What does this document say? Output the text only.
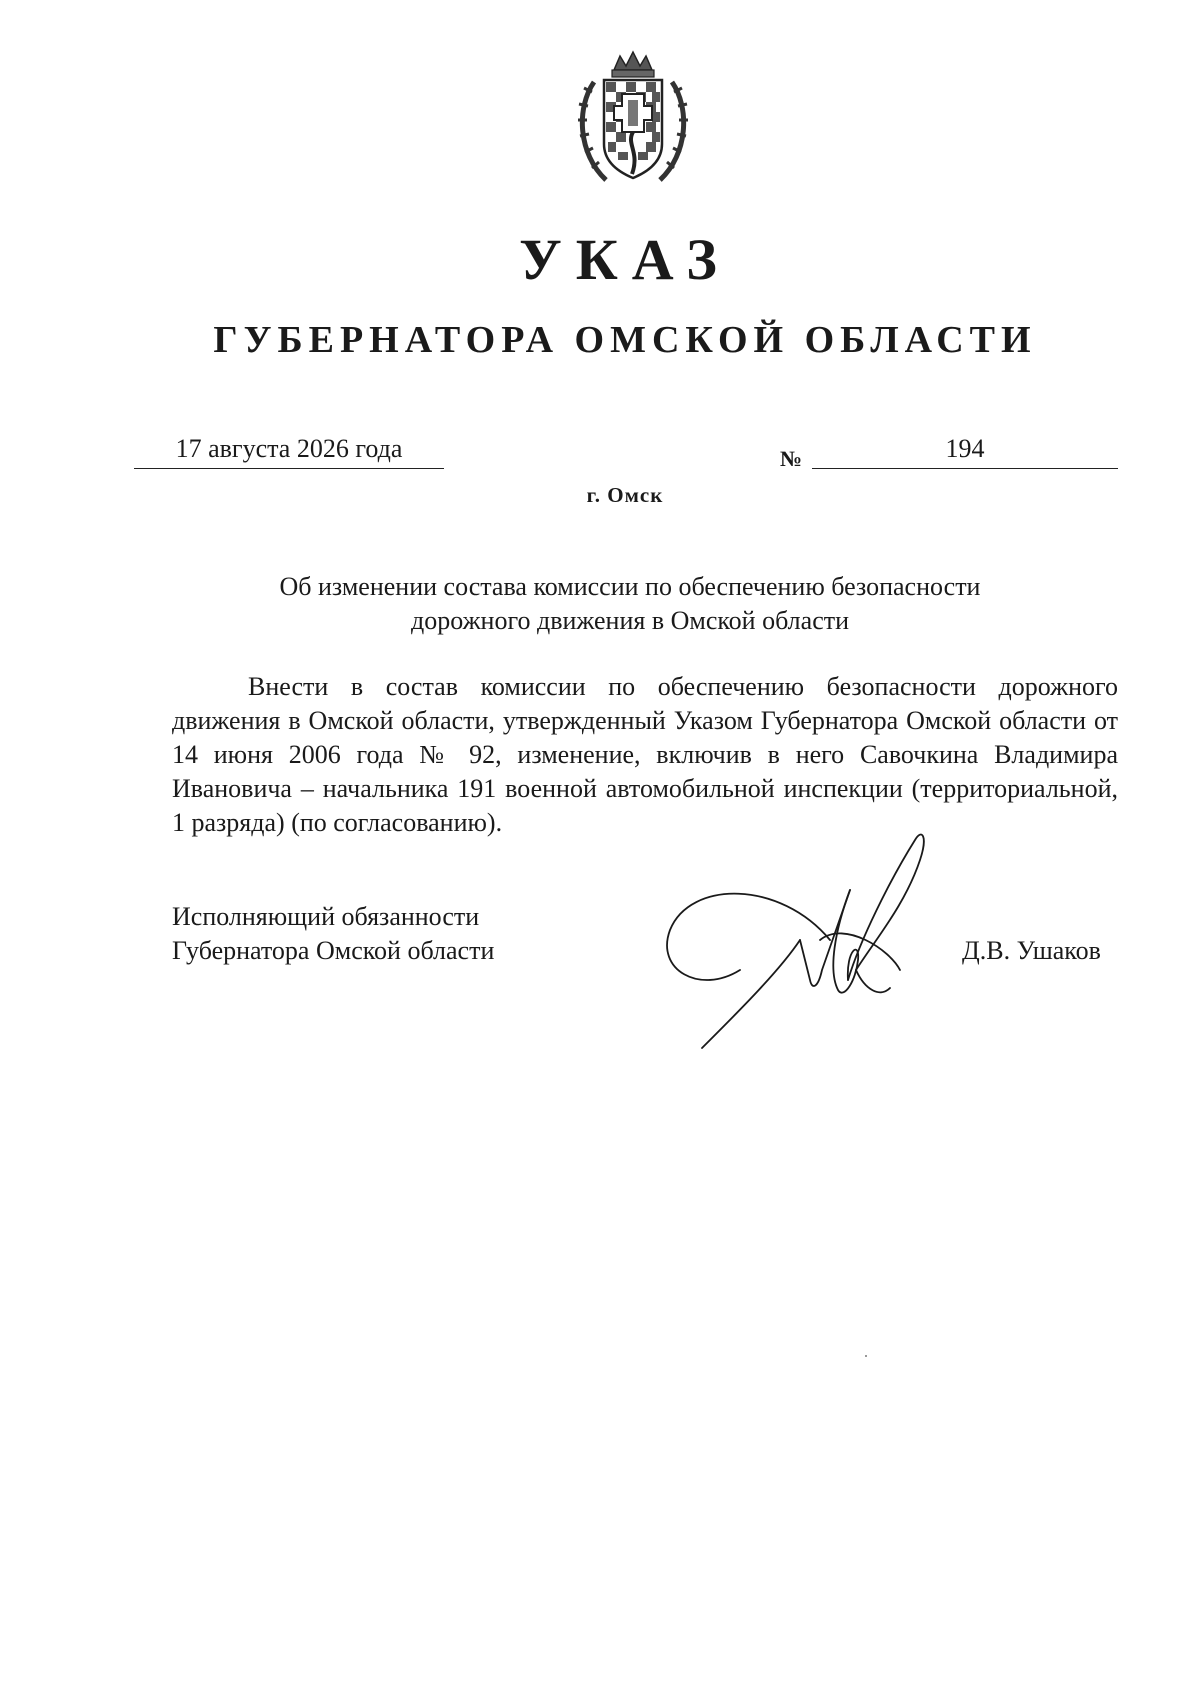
УКАЗ
ГУБЕРНАТОРА ОМСКОЙ ОБЛАСТИ
17 августа 2026 года	№	194
г. Омск
Об изменении состава комиссии по обеспечению безопасности
дорожного движения в Омской области

Внести в состав комиссии по обеспечению безопасности дорожного движения в Омской области, утвержденный Указом Губернатора Омской области от 14 июня 2006 года № 92, изменение, включив в него Савочкина Владимира Ивановича – начальника 191 военной автомобильной инспекции (территориальной, 1 разряда) (по согласованию).

Исполняющий обязанности
Губернатора Омской области	Д.В. Ушаков
